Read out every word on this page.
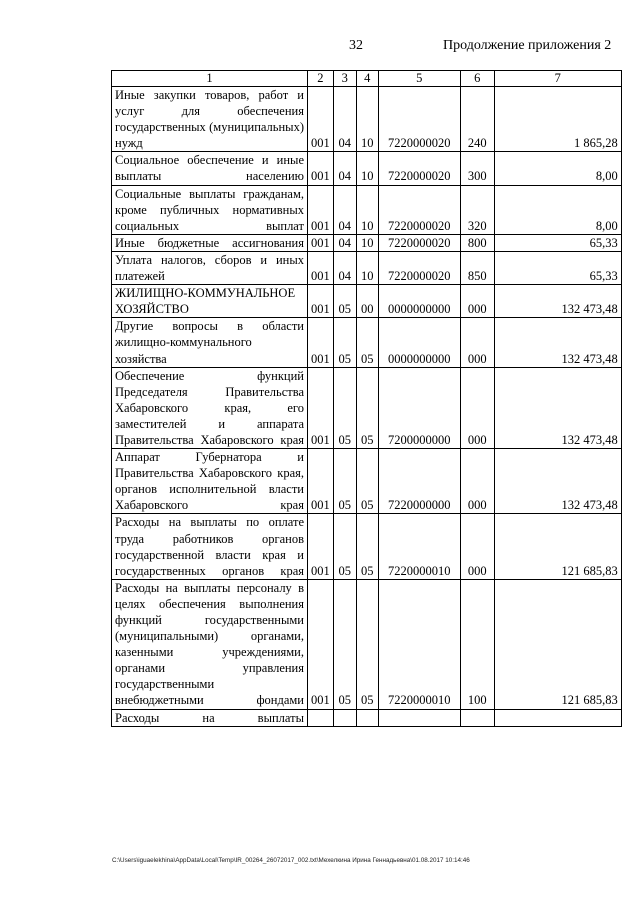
32	Продолжение приложения 2
1	2	3	4	5	6	7
Иные закупки товаров, работ и услуг для обеспечения государственных (муниципальных) нужд	001	04	10	7220000020	240	1 865,28
Социальное обеспечение и иные выплаты населению	001	04	10	7220000020	300	8,00
Социальные выплаты гражданам, кроме публичных нормативных социальных выплат	001	04	10	7220000020	320	8,00
Иные бюджетные ассигнования	001	04	10	7220000020	800	65,33
Уплата налогов, сборов и иных платежей	001	04	10	7220000020	850	65,33
ЖИЛИЩНО-КОММУНАЛЬНОЕ ХОЗЯЙСТВО	001	05	00	0000000000	000	132 473,48
Другие вопросы в области жилищно-коммунального хозяйства	001	05	05	0000000000	000	132 473,48
Обеспечение функций Председателя Правительства Хабаровского края, его заместителей и аппарата Правительства Хабаровского края	001	05	05	7200000000	000	132 473,48
Аппарат Губернатора и Правительства Хабаровского края, органов исполнительной власти Хабаровского края	001	05	05	7220000000	000	132 473,48
Расходы на выплаты по оплате труда работников органов государственной власти края и государственных органов края	001	05	05	7220000010	000	121 685,83
Расходы на выплаты персоналу в целях обеспечения выполнения функций государственными (муниципальными) органами, казенными учреждениями, органами управления государственными внебюджетными фондами	001	05	05	7220000010	100	121 685,83
Расходы на выплаты						
C:\Users\iguaelekhina\AppData\Local\Temp\IR_00264_26072017_002.txt\Мехелкина Ирина Геннадьевна\01.08.2017 10:14:46
